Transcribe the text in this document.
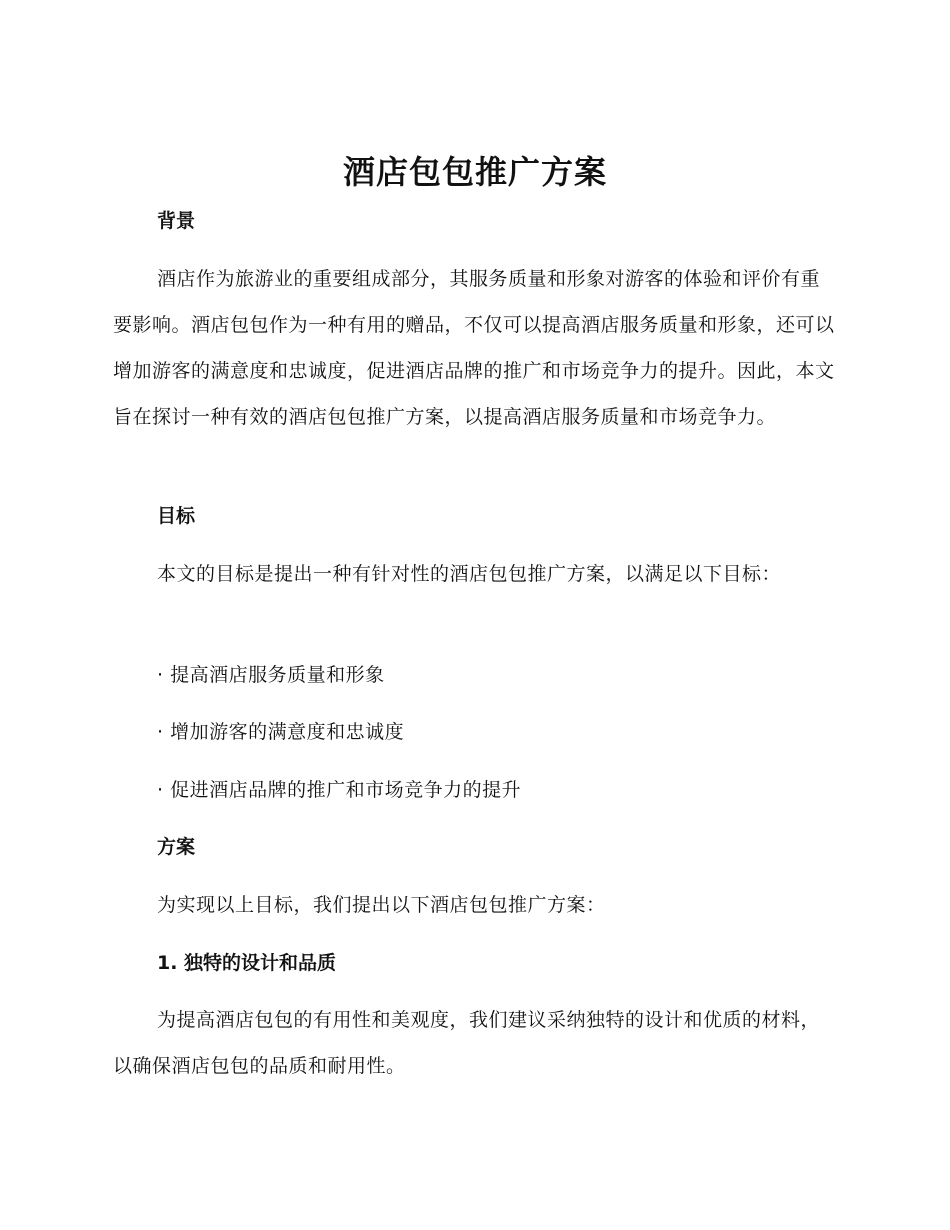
酒店包包推广方案
背景
酒店作为旅游业的重要组成部分，其服务质量和形象对游客的体验和评价有重要影响。酒店包包作为一种有用的赠品，不仅可以提高酒店服务质量和形象，还可以增加游客的满意度和忠诚度，促进酒店品牌的推广和市场竞争力的提升。因此，本文旨在探讨一种有效的酒店包包推广方案，以提高酒店服务质量和市场竞争力。
目标
本文的目标是提出一种有针对性的酒店包包推广方案，以满足以下目标：
· 提高酒店服务质量和形象
· 增加游客的满意度和忠诚度
· 促进酒店品牌的推广和市场竞争力的提升
方案
为实现以上目标，我们提出以下酒店包包推广方案：
1. 独特的设计和品质
为提高酒店包包的有用性和美观度，我们建议采纳独特的设计和优质的材料，以确保酒店包包的品质和耐用性。
